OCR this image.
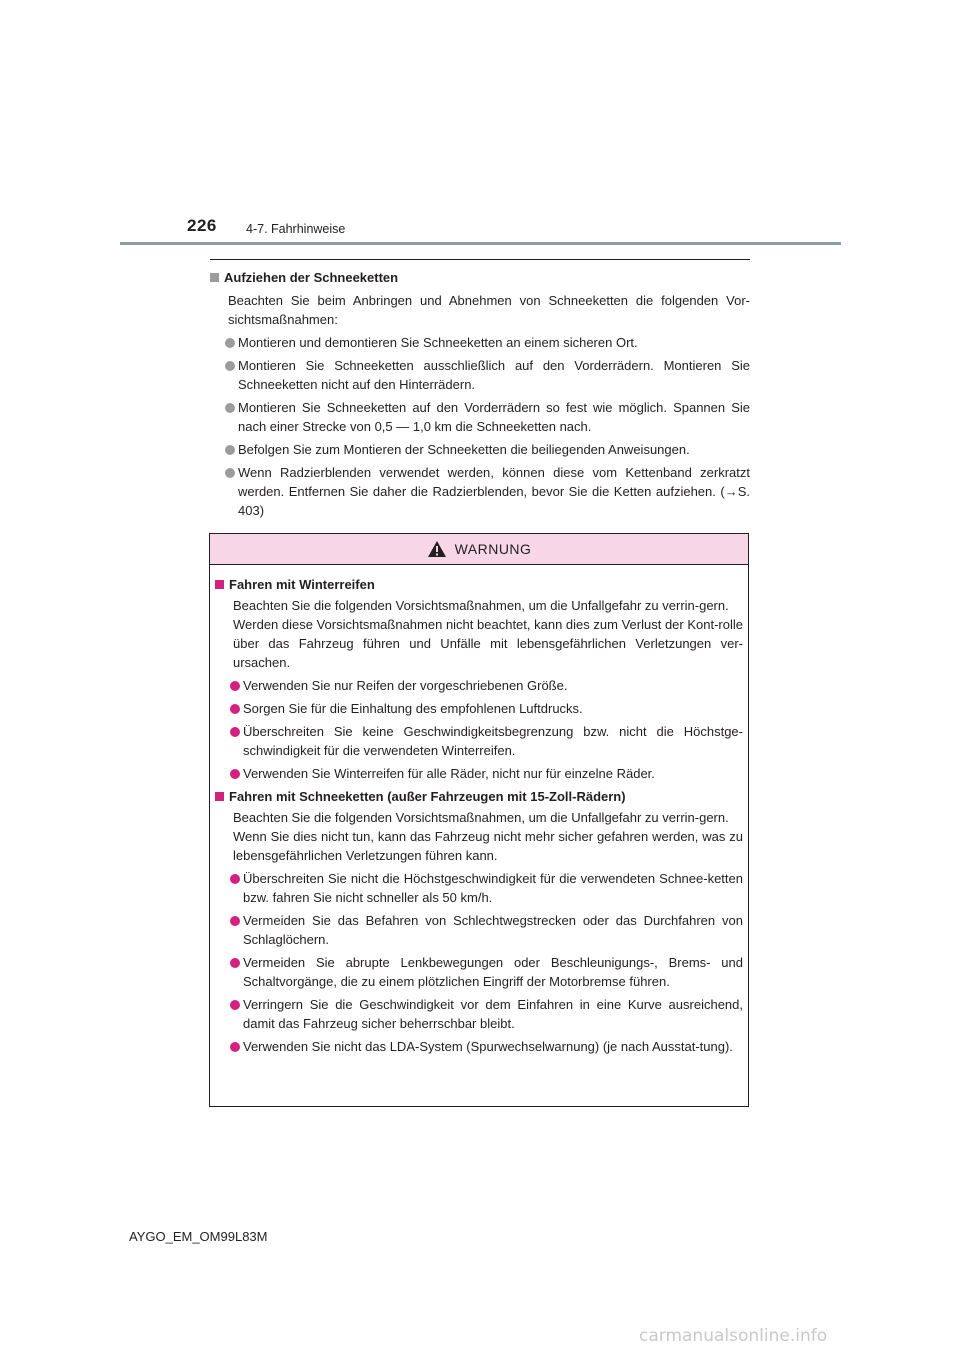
226 4-7. Fahrhinweise
Aufziehen der Schneeketten

Beachten Sie beim Anbringen und Abnehmen von Schneeketten die folgenden Vor-sichtsmaßnahmen:

Montieren und demontieren Sie Schneeketten an einem sicheren Ort.
Montieren Sie Schneeketten ausschließlich auf den Vorderrädern. Montieren Sie Schneeketten nicht auf den Hinterrädern.
Montieren Sie Schneeketten auf den Vorderrädern so fest wie möglich. Spannen Sie nach einer Strecke von 0,5 — 1,0 km die Schneeketten nach.
Befolgen Sie zum Montieren der Schneeketten die beiliegenden Anweisungen.
Wenn Radzierblenden verwendet werden, können diese vom Kettenband zerkratzt werden. Entfernen Sie daher die Radzierblenden, bevor Sie die Ketten aufziehen. (→S. 403)
WARNUNG
Fahren mit Winterreifen

Beachten Sie die folgenden Vorsichtsmaßnahmen, um die Unfallgefahr zu verrin-gern.

Werden diese Vorsichtsmaßnahmen nicht beachtet, kann dies zum Verlust der Kont-rolle über das Fahrzeug führen und Unfälle mit lebensgefährlichen Verletzungen ver-ursachen.

Verwenden Sie nur Reifen der vorgeschriebenen Größe.
Sorgen Sie für die Einhaltung des empfohlenen Luftdrucks.
Überschreiten Sie keine Geschwindigkeitsbegrenzung bzw. nicht die Höchstge-schwindigkeit für die verwendeten Winterreifen.
Verwenden Sie Winterreifen für alle Räder, nicht nur für einzelne Räder.
Fahren mit Schneeketten (außer Fahrzeugen mit 15-Zoll-Rädern)

Beachten Sie die folgenden Vorsichtsmaßnahmen, um die Unfallgefahr zu verrin-gern.

Wenn Sie dies nicht tun, kann das Fahrzeug nicht mehr sicher gefahren werden, was zu lebensgefährlichen Verletzungen führen kann.

Überschreiten Sie nicht die Höchstgeschwindigkeit für die verwendeten Schnee-ketten bzw. fahren Sie nicht schneller als 50 km/h.
Vermeiden Sie das Befahren von Schlechtwegstrecken oder das Durchfahren von Schlaglöchern.
Vermeiden Sie abrupte Lenkbewegungen oder Beschleunigungs-, Brems- und Schaltvorgänge, die zu einem plötzlichen Eingriff der Motorbremse führen.
Verringern Sie die Geschwindigkeit vor dem Einfahren in eine Kurve ausreichend, damit das Fahrzeug sicher beherrschbar bleibt.
Verwenden Sie nicht das LDA-System (Spurwechselwarnung) (je nach Ausstat-tung).
AYGO_EM_OM99L83M
carmanualsonline.info
